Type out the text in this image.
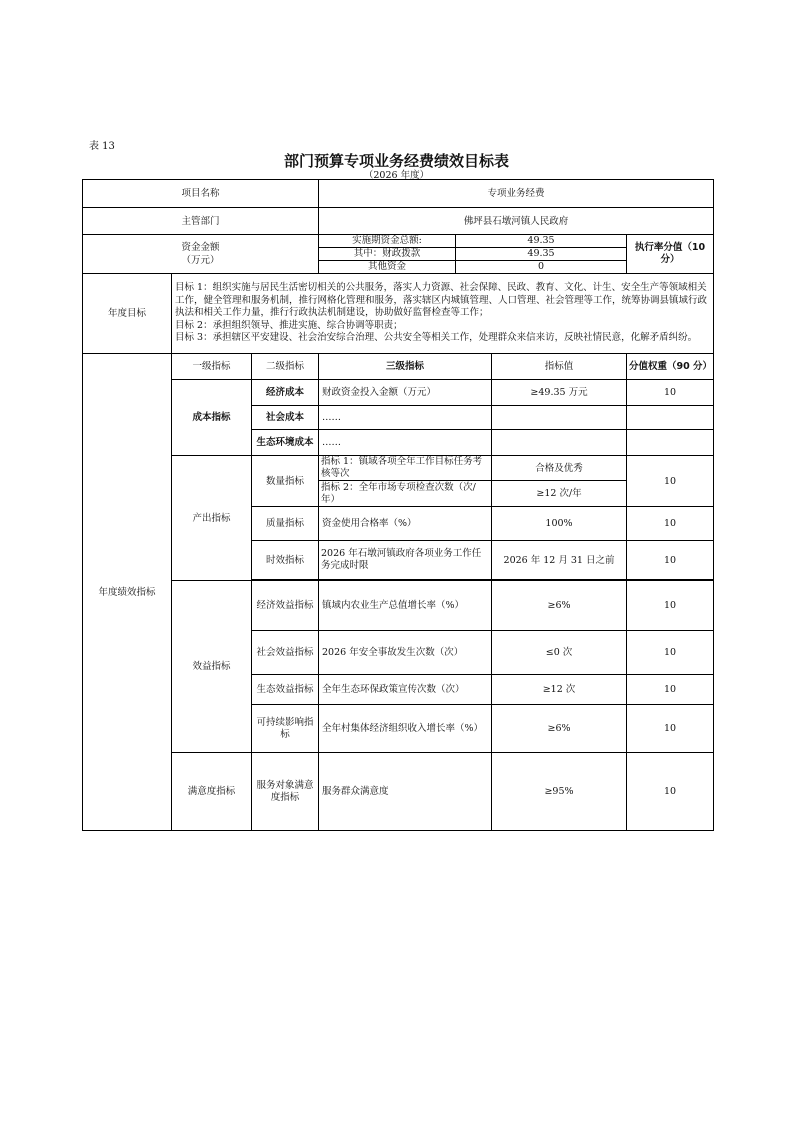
表 13
部门预算专项业务经费绩效目标表
（2026 年度）
项目名称			专项业务经费			
主管部门			佛坪县石墩河镇人民政府			

资金金额
（万元）			实施期资金总额:	49.35		执行率分值（10 分）
			其中：财政拨款	49.35		
			其他资金	0		
年度目标	目标 1：组织实施与居民生活密切相关的公共服务，落实人力资源、社会保障、民政、教育、文化、计生、安全生产等领域相关工作，健全管理和服务机制，推行网格化管理和服务，落实辖区内城镇管理、人口管理、社会管理等工作，统筹协调县镇域行政执法和相关工作力量，推行行政执法机制建设，协助做好监督检查等工作；
目标 2：承担组织领导、推进实施、综合协调等职责；
目标 3：承担辖区平安建设、社会治安综合治理、公共安全等相关工作，处理群众来信来访，反映社情民意，化解矛盾纠纷。					

年度绩效指标	一级指标	二级指标	三级指标		指标值	分值权重（90 分）
	成本指标	经济成本	财政资金投入金额（万元）		≥49.35 万元	10
		社会成本	……			
		生态环境成本	……			
	产出指标	数量指标	指标 1：镇域各项全年工作目标任务考核等次		合格及优秀	10
			指标 2：全年市场专项检查次数（次/年）		≥12 次/年	
		质量指标	资金使用合格率（%）		100%	10
		时效指标	2026 年石墩河镇政府各项业务工作任务完成时限		2026 年 12 月 31 日之前	10

	效益指标	经济效益指标	镇域内农业生产总值增长率（%）		≥6%	10
		社会效益指标	2026 年安全事故发生次数（次）		≤0 次	10
		生态效益指标	全年生态环保政策宣传次数（次）		≥12 次	10
		可持续影响指标	全年村集体经济组织收入增长率（%）		≥6%	10
	满意度指标	服务对象满意度指标	服务群众满意度		≥95%	10
